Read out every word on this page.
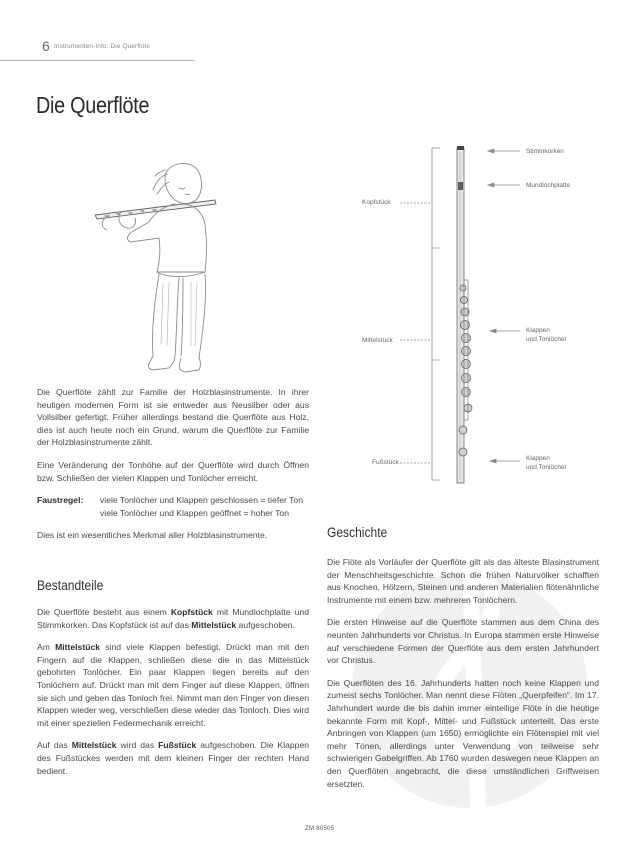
6 Instrumenten-Info: Die Querflöte
Die Querflöte

Die Querflöte zählt zur Familie der Holzblasinstrumente. In ihrer heutigen modernen Form ist sie entweder aus Neusilber oder aus Vollsilber gefertigt. Früher allerdings bestand die Querflöte aus Holz, dies ist auch heute noch ein Grund, warum die Querflöte zur Familie der Holzblasinstrumente zählt.

Eine Veränderung der Tonhöhe auf der Querflöte wird durch Öffnen bzw. Schließen der vielen Klappen und Tonlöcher erreicht.

Faustregel:	viele Tonlöcher und Klappen geschlossen = tiefer Ton
viele Tonlöcher und Klappen geöffnet = hoher Ton

Dies ist ein wesentliches Merkmal aller Holzblasinstrumente.

Bestandteile

Die Querflöte besteht aus einem Kopfstück mit Mundlochplatte und Stimmkorken. Das Kopfstück ist auf das Mittelstück aufgeschoben.

Am Mittelstück sind viele Klappen befestigt. Drückt man mit den Fingern auf die Klappen, schließen diese die in das Mittelstück gebohrten Tonlöcher. Ein paar Klappen liegen bereits auf den Tonlöchern auf. Drückt man mit dem Finger auf diese Klappen, öffnen sie sich und geben das Tonloch frei. Nimmt man den Finger von diesen Klappen wieder weg, verschließen diese wieder das Tonloch. Dies wird mit einer speziellen Federmechanik erreicht.

Auf das Mittelstück wird das Fußstück aufgeschoben. Die Klappen des Fußstückes werden mit dem kleinen Finger der rechten Hand bedient.

Kopfstück
Mittelstück
Fußstück
Stimmkorken
Mundlochplatte
Klappen
und Tonlöcher
Klappen
und Tonlöcher
Geschichte

Die Flöte als Vorläufer der Querflöte gilt als das älteste Blasinstrument der Menschheitsgeschichte. Schon die frühen Naturvölker schafften aus Knochen, Hölzern, Steinen und anderen Materialien flötenähnliche Instrumente mit einem bzw. mehreren Tonlöchern.

Die ersten Hinweise auf die Querflöte stammen aus dem China des neunten Jahrhunderts vor Christus. In Europa stammen erste Hinweise auf verschiedene Formen der Querflöte aus dem ersten Jahrhundert vor Christus.

Die Querflöten des 16. Jahrhunderts hatten noch keine Klappen und zumeist sechs Tonlöcher. Man nennt diese Flöten „Querpfeifen“. Im 17. Jahrhundert wurde die bis dahin immer einteilige Flöte in die heutige bekannte Form mit Kopf-, Mittel- und Fußstück unterteilt. Das erste Anbringen von Klappen (um 1650) ermöglichte ein Flötenspiel mit viel mehr Tönen, allerdings unter Verwendung von teilweise sehr schwierigen Gabelgriffen. Ab 1760 wurden deswegen neue Klappen an den Querflöten angebracht, die diese umständlichen Griffweisen ersetzten.

ZM 80505
